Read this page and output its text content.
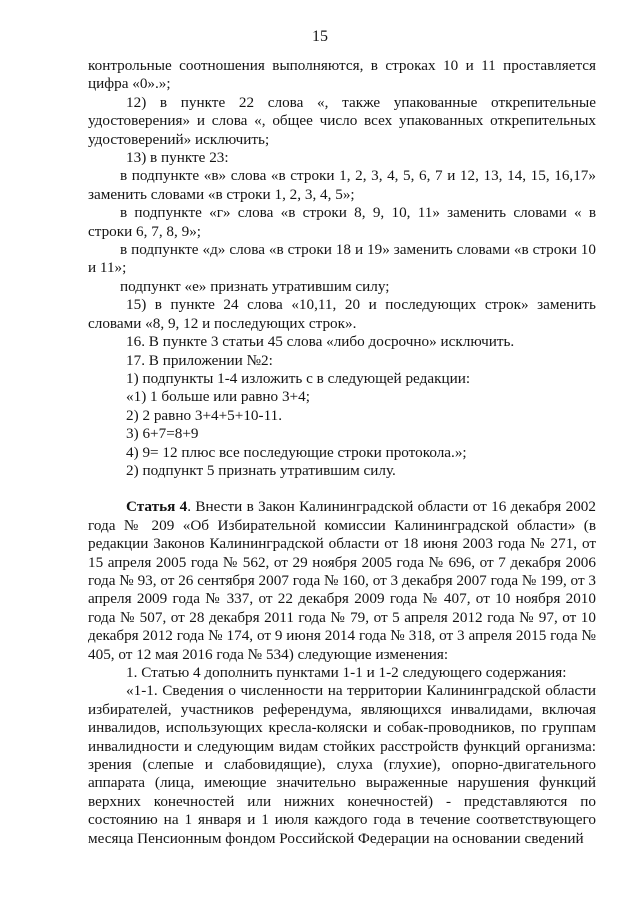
15

контрольные соотношения выполняются, в строках 10 и 11 проставляется цифра «0».»;

12) в пункте 22 слова «, также упакованные открепительные удостоверения» и слова «, общее число всех упакованных открепительных удостоверений» исключить;

13) в пункте 23:

в подпункте «в» слова «в строки 1, 2, 3, 4, 5, 6, 7 и 12, 13, 14, 15, 16,17» заменить словами «в строки 1, 2, 3, 4, 5»;

в подпункте «г» слова «в строки 8, 9, 10, 11» заменить словами « в строки 6, 7, 8, 9»;

в подпункте «д» слова «в строки 18 и 19» заменить словами «в строки 10 и 11»;

подпункт «е» признать утратившим силу;

15) в пункте 24 слова «10,11, 20 и последующих строк» заменить словами «8, 9, 12 и последующих строк».

16. В пункте 3 статьи 45 слова «либо досрочно» исключить.

17. В приложении №2:

1) подпункты 1-4 изложить с в следующей редакции:

«1) 1 больше или равно 3+4;

2) 2 равно 3+4+5+10-11.

3) 6+7=8+9

4) 9= 12 плюс все последующие строки протокола.»;

2) подпункт 5 признать утратившим силу.

Статья 4. Внести в Закон Калининградской области от 16 декабря 2002 года № 209 «Об Избирательной комиссии Калининградской области» (в редакции Законов Калининградской области от 18 июня 2003 года № 271, от 15 апреля 2005 года № 562, от 29 ноября 2005 года № 696, от 7 декабря 2006 года № 93, от 26 сентября 2007 года № 160, от 3 декабря 2007 года № 199, от 3 апреля 2009 года № 337, от 22 декабря 2009 года № 407, от 10 ноября 2010 года № 507, от 28 декабря 2011 года № 79, от 5 апреля 2012 года № 97, от 10 декабря 2012 года № 174, от 9 июня 2014 года № 318, от 3 апреля 2015 года № 405, от 12 мая 2016 года № 534) следующие изменения:

1. Статью 4 дополнить пунктами 1-1 и 1-2 следующего содержания:

«1-1. Сведения о численности на территории Калининградской области избирателей, участников референдума, являющихся инвалидами, включая инвалидов, использующих кресла-коляски и собак-проводников, по группам инвалидности и следующим видам стойких расстройств функций организма: зрения (слепые и слабовидящие), слуха (глухие), опорно-двигательного аппарата (лица, имеющие значительно выраженные нарушения функций верхних конечностей или нижних конечностей) - представляются по состоянию на 1 января и 1 июля каждого года в течение соответствующего месяца Пенсионным фондом Российской Федерации на основании сведений
